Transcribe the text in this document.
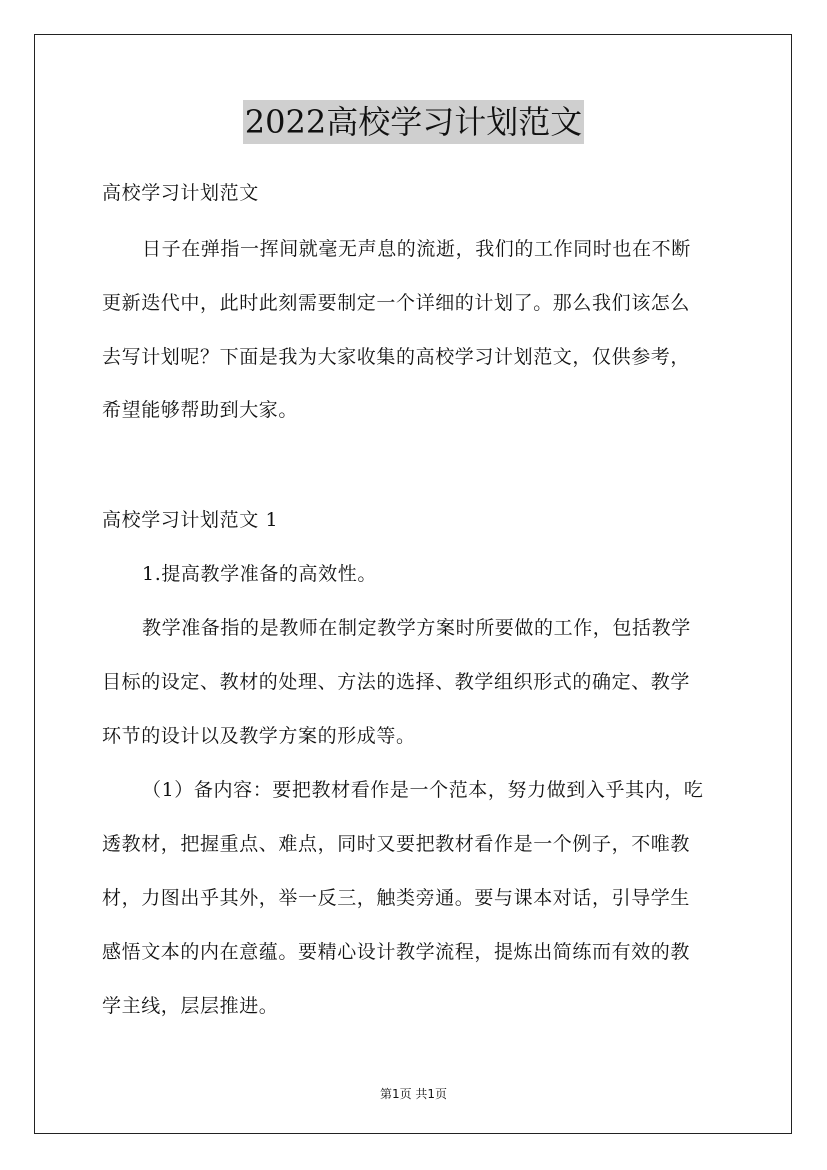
2022高校学习计划范文
高校学习计划范文
日子在弹指一挥间就毫无声息的流逝，我们的工作同时也在不断
更新迭代中，此时此刻需要制定一个详细的计划了。那么我们该怎么
去写计划呢？下面是我为大家收集的高校学习计划范文，仅供参考，
希望能够帮助到大家。
高校学习计划范文 1
1.提高教学准备的高效性。
教学准备指的是教师在制定教学方案时所要做的工作，包括教学
目标的设定、教材的处理、方法的选择、教学组织形式的确定、教学
环节的设计以及教学方案的形成等。
（1）备内容：要把教材看作是一个范本，努力做到入乎其内，吃
透教材，把握重点、难点，同时又要把教材看作是一个例子，不唯教
材，力图出乎其外，举一反三，触类旁通。要与课本对话，引导学生
感悟文本的内在意蕴。要精心设计教学流程，提炼出简练而有效的教
学主线，层层推进。
第1页 共1页
